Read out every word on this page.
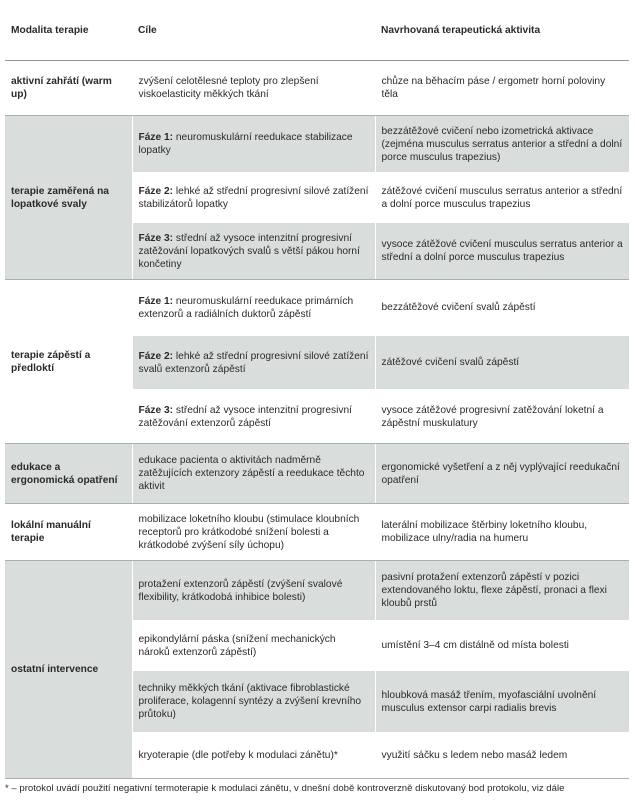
Modalita terapie	Cíle	Navrhovaná terapeutická aktivita
aktivní zahřátí (warm up)	zvýšení celotělesné teploty pro zlepšení viskoelasticity měkkých tkání	chůze na běhacím páse / ergometr horní poloviny těla
terapie zaměřená na lopatkové svaly	Fáze 1: neuromuskulární reedukace stabilizace lopatky	bezzátěžové cvičení nebo izometrická aktivace (zejména musculus serratus anterior a střední a dolní porce musculus trapezius)
	Fáze 2: lehké až střední progresivní silové zatížení stabilizátorů lopatky	zátěžové cvičení musculus serratus anterior a střední a dolní porce musculus trapezius
	Fáze 3: střední až vysoce intenzitní progresivní zatěžování lopatkových svalů s větší pákou horní končetiny	vysoce zátěžové cvičení musculus serratus anterior a střední a dolní porce musculus trapezius
terapie zápěstí a předloktí	Fáze 1: neuromuskulární reedukace primárních extenzorů a radiálních duktorů zápěstí	bezzátěžové cvičení svalů zápěstí
	Fáze 2: lehké až střední progresivní silové zatížení svalů extenzorů zápěstí	zátěžové cvičení svalů zápěstí
	Fáze 3: střední až vysoce intenzitní progresivní zatěžování extenzorů zápěstí	vysoce zátěžové progresivní zatěžování loketní a zápěstní muskulatury
edukace a ergonomická opatření	edukace pacienta o aktivitách nadměrně zatěžujících extenzory zápěstí a reedukace těchto aktivit	ergonomické vyšetření a z něj vyplývající reedukační opatření
lokální manuální terapie	mobilizace loketního kloubu (stimulace kloubních receptorů pro krátkodobé snížení bolesti a krátkodobé zvýšení síly úchopu)	laterální mobilizace štěrbiny loketního kloubu, mobilizace ulny/radia na humeru
ostatní intervence	protažení extenzorů zápěstí (zvýšení svalové flexibility, krátkodobá inhibice bolesti)	pasivní protažení extenzorů zápěstí v pozici extendovaného loktu, flexe zápěstí, pronaci a flexi kloubů prstů
	epikondylární páska (snížení mechanických nároků extenzorů zápěstí)	umístění 3–4 cm distálně od místa bolesti
	techniky měkkých tkání (aktivace fibroblastické proliferace, kolagenní syntézy a zvýšení krevního průtoku)	hloubková masáž třením, myofasciální uvolnění musculus extensor carpi radialis brevis
	kryoterapie (dle potřeby k modulaci zánětu)*	využití sáčku s ledem nebo masáž ledem
* – protokol uvádí použití negativní termoterapie k modulaci zánětu, v dnešní době kontroverzně diskutovaný bod protokolu, viz dále
